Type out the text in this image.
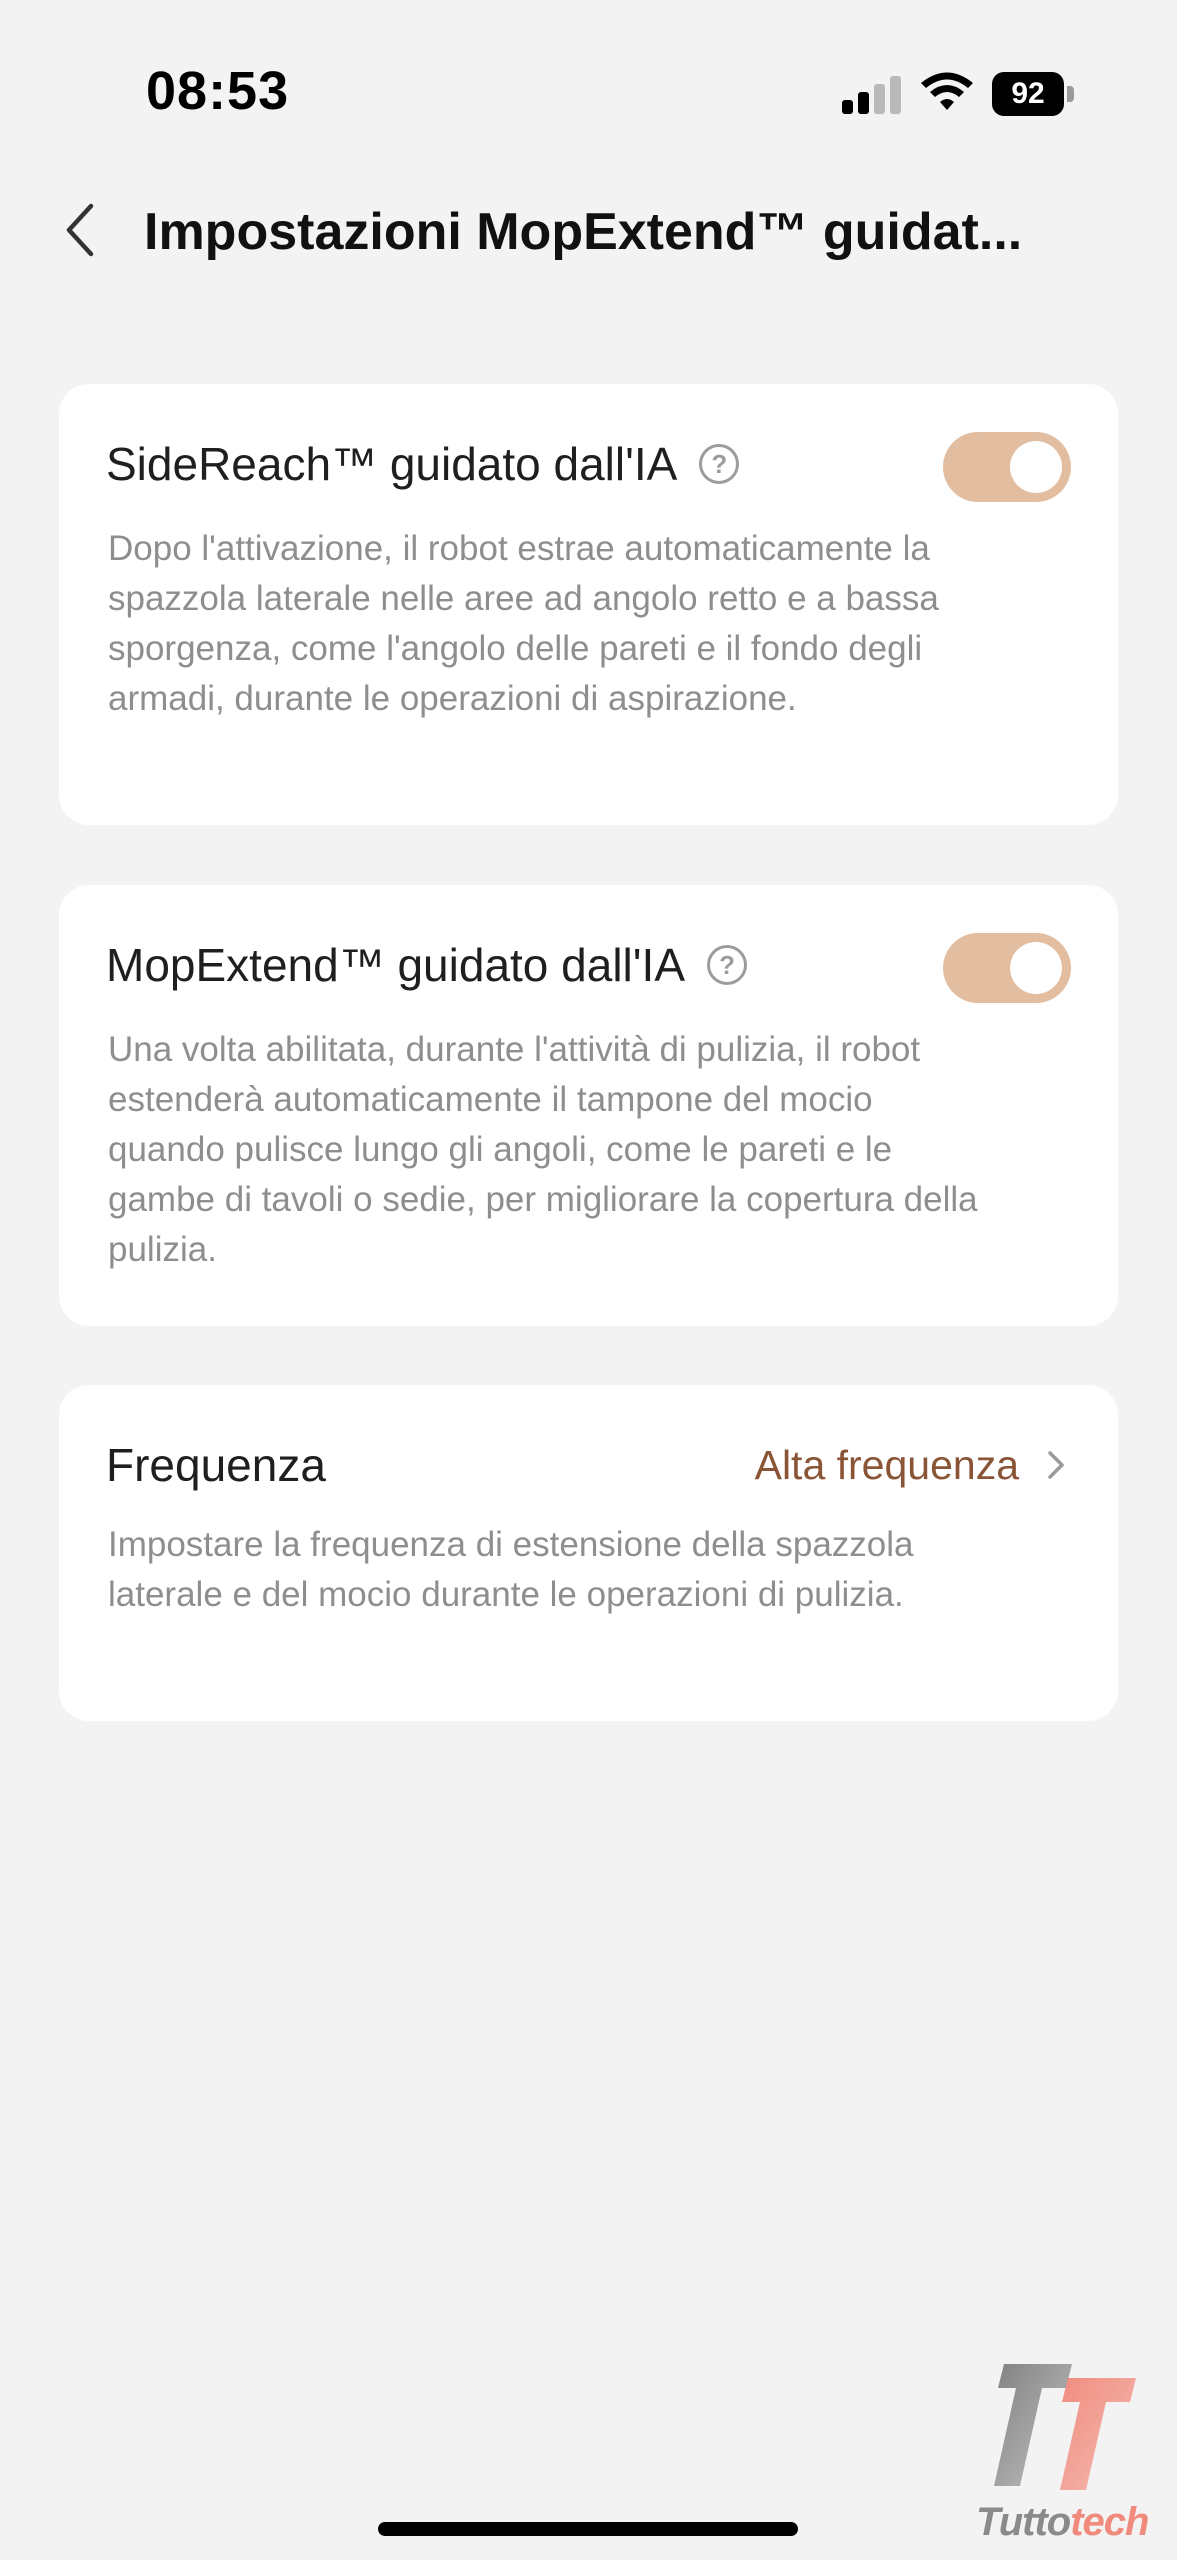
08:53	92
Impostazioni MopExtend™ guidat...
SideReach™ guidato dall'IA	?
Dopo l'attivazione, il robot estrae automaticamente la spazzola laterale nelle aree ad angolo retto e a bassa sporgenza, come l'angolo delle pareti e il fondo degli armadi, durante le operazioni di aspirazione.
MopExtend™ guidato dall'IA	?
Una volta abilitata, durante l'attività di pulizia, il robot estenderà automaticamente il tampone del mocio quando pulisce lungo gli angoli, come le pareti e le gambe di tavoli o sedie, per migliorare la copertura della pulizia.
Frequenza	Alta frequenza
Impostare la frequenza di estensione della spazzola laterale e del mocio durante le operazioni di pulizia.
Tuttotech
